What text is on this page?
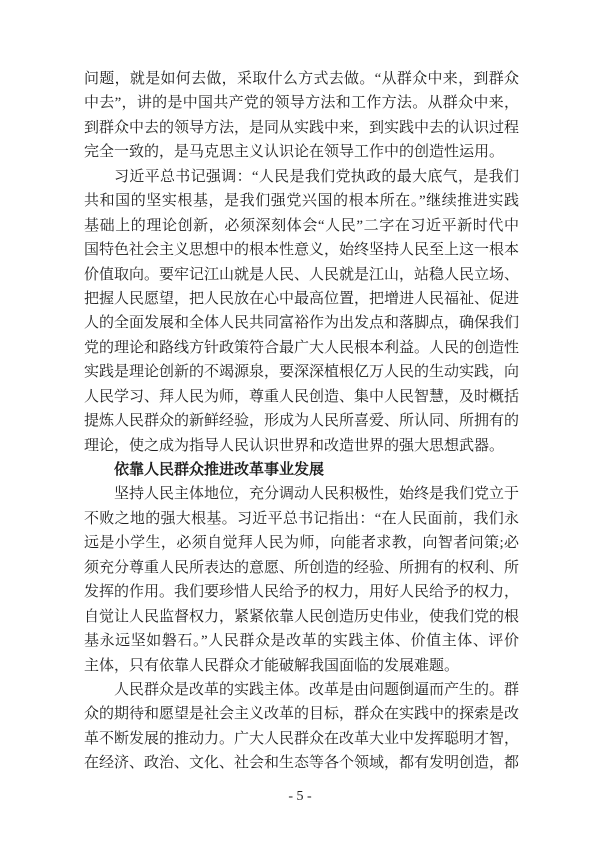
问题，就是如何去做，采取什么方式去做。“从群众中来，到群众
中去”，讲的是中国共产党的领导方法和工作方法。从群众中来，
到群众中去的领导方法，是同从实践中来，到实践中去的认识过程
完全一致的，是马克思主义认识论在领导工作中的创造性运用。
习近平总书记强调：“人民是我们党执政的最大底气，是我们
共和国的坚实根基，是我们强党兴国的根本所在。”继续推进实践
基础上的理论创新，必须深刻体会“人民”二字在习近平新时代中
国特色社会主义思想中的根本性意义，始终坚持人民至上这一根本
价值取向。要牢记江山就是人民、人民就是江山，站稳人民立场、
把握人民愿望，把人民放在心中最高位置，把增进人民福祉、促进
人的全面发展和全体人民共同富裕作为出发点和落脚点，确保我们
党的理论和路线方针政策符合最广大人民根本利益。人民的创造性
实践是理论创新的不竭源泉，要深深植根亿万人民的生动实践，向
人民学习、拜人民为师，尊重人民创造、集中人民智慧，及时概括
提炼人民群众的新鲜经验，形成为人民所喜爱、所认同、所拥有的
理论，使之成为指导人民认识世界和改造世界的强大思想武器。
依靠人民群众推进改革事业发展
坚持人民主体地位，充分调动人民积极性，始终是我们党立于
不败之地的强大根基。习近平总书记指出：“在人民面前，我们永
远是小学生，必须自觉拜人民为师，向能者求教，向智者问策;必
须充分尊重人民所表达的意愿、所创造的经验、所拥有的权利、所
发挥的作用。我们要珍惜人民给予的权力，用好人民给予的权力，
自觉让人民监督权力，紧紧依靠人民创造历史伟业，使我们党的根
基永远坚如磐石。”人民群众是改革的实践主体、价值主体、评价
主体，只有依靠人民群众才能破解我国面临的发展难题。
人民群众是改革的实践主体。改革是由问题倒逼而产生的。群
众的期待和愿望是社会主义改革的目标，群众在实践中的探索是改
革不断发展的推动力。广大人民群众在改革大业中发挥聪明才智，
在经济、政治、文化、社会和生态等各个领域，都有发明创造，都
- 5 -
